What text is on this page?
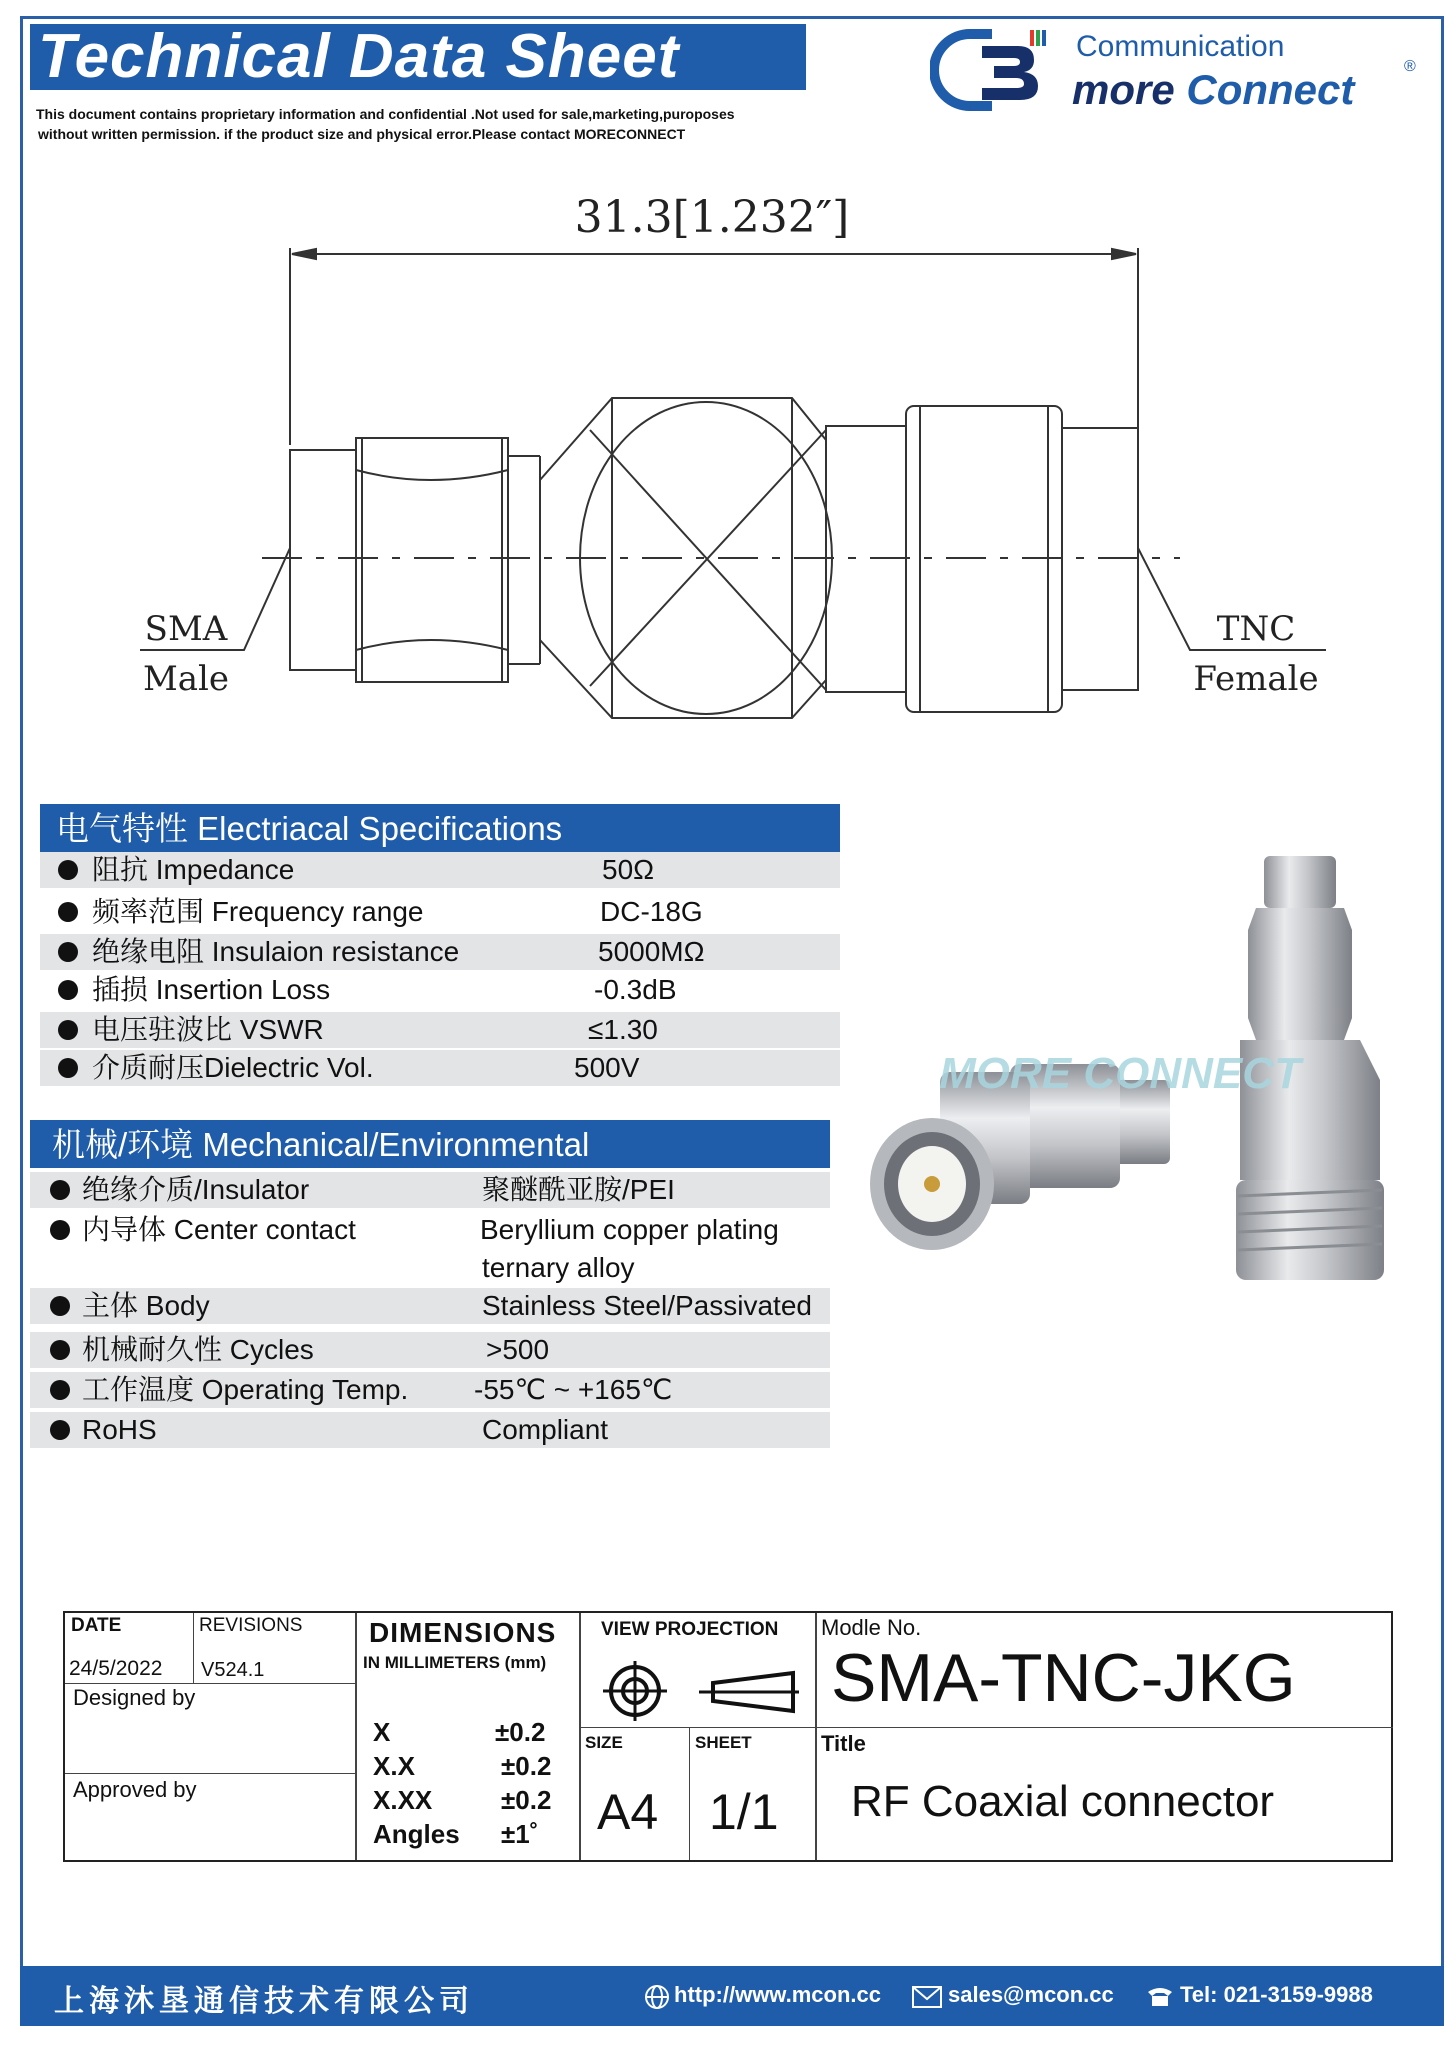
Technical Data Sheet
This document contains proprietary information and confidential .Not used for sale,marketing,puroposes
without written permission. if the product size and physical error.Please contact MORECONNECT
Communication
more Connect	®
31.3[1.232″]
SMA
Male
TNC
Female
电气特性 Electriacal Specifications
阻抗 Impedance	50Ω
频率范围 Frequency range	DC-18G
绝缘电阻 Insulaion resistance	5000MΩ
插损 Insertion Loss	-0.3dB
电压驻波比 VSWR	≤1.30
介质耐压Dielectric Vol.	500V
机械/环境 Mechanical/Environmental
绝缘介质/Insulator	聚醚酰亚胺/PEI
内导体 Center contact	Beryllium copper plating
ternary alloy
主体 Body	Stainless Steel/Passivated
机械耐久性 Cycles	>500
工作温度 Operating Temp. -55℃ ~ +165℃
RoHS	Compliant
MORE CONNECT
DATE
24/5/2022
REVISIONS
V524.1
Designed by
Approved by
DIMENSIONS
IN MILLIMETERS (mm)
X	±0.2
X.X	±0.2
X.XX	±0.2
Angles ±1˚
VIEW PROJECTION
SIZE
A4
SHEET
1/1
Modle No.
SMA-TNC-JKG
Title
RF Coaxial connector
上海沐垦通信技术有限公司	http://www.mcon.cc	sales@mcon.cc	Tel: 021-3159-9988
